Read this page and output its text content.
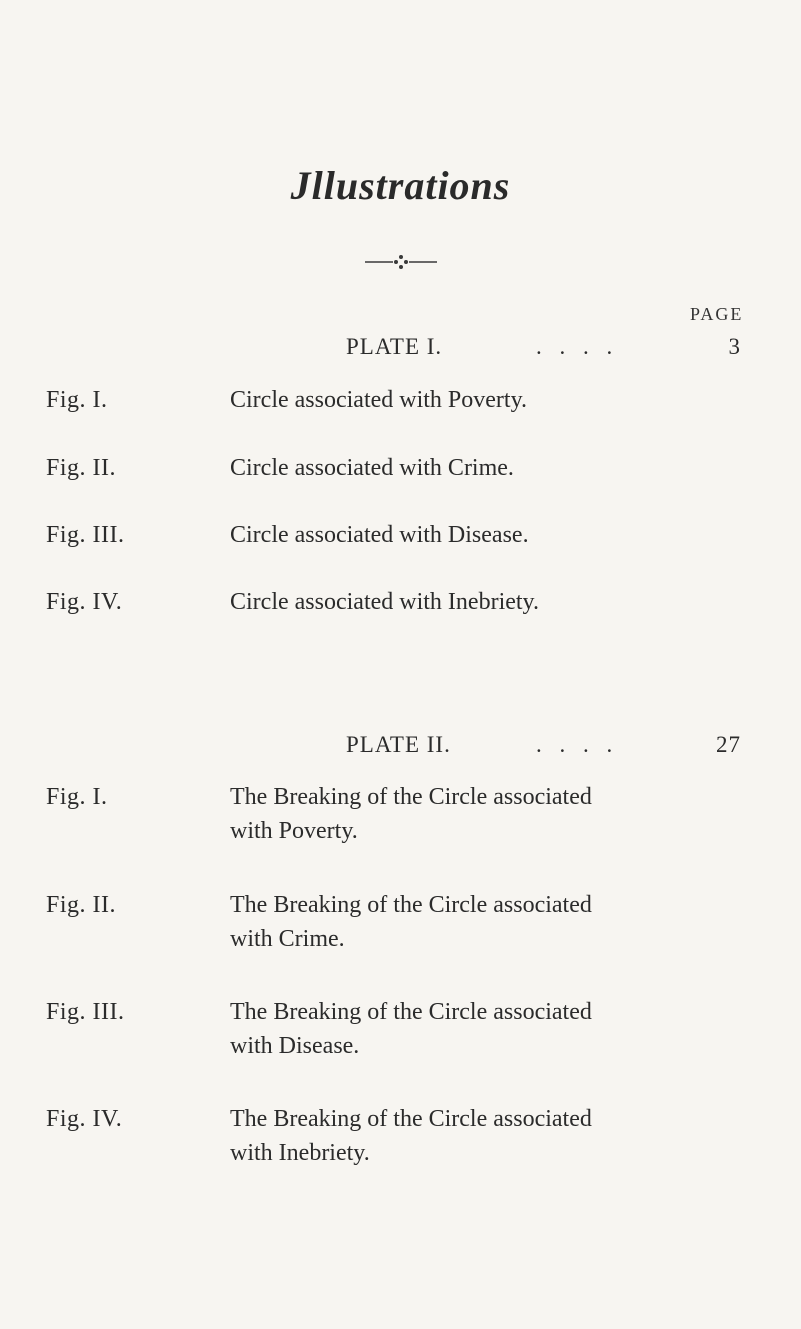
Jllustrations
PAGE
PLATE I.	. . . .	3
Fig. I.	Circle associated with Poverty.
Fig. II.	Circle associated with Crime.
Fig. III.	Circle associated with Disease.
Fig. IV.	Circle associated with Inebriety.
PLATE II.	. . . .	27
Fig. I.	The Breaking of the Circle associated
with Poverty.
Fig. II.	The Breaking of the Circle associated
with Crime.
Fig. III.	The Breaking of the Circle associated
with Disease.
Fig. IV.	The Breaking of the Circle associated
with Inebriety.
